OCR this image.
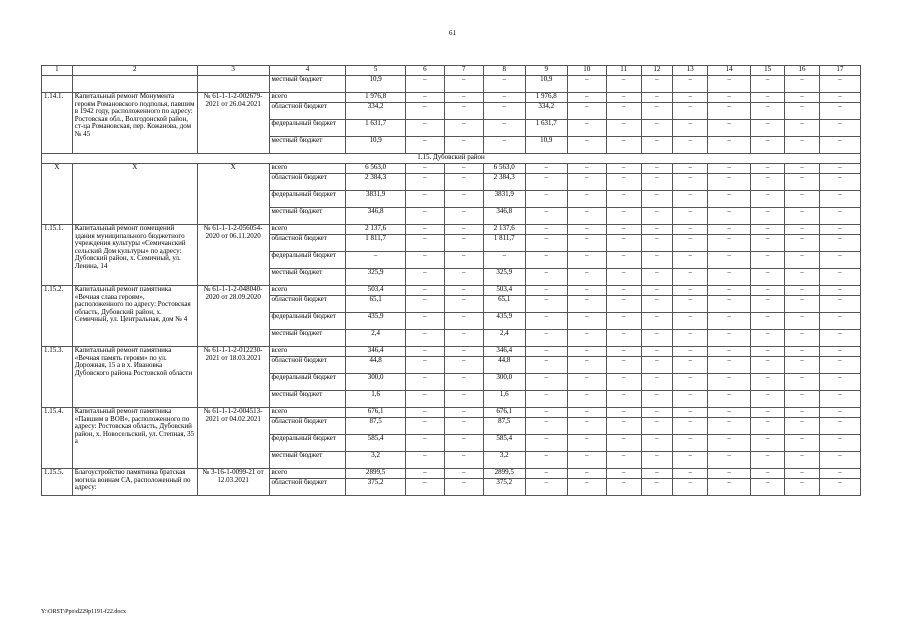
61
1	2	3	4	5	6	7	8	9	10	11	12	13	14	15	16	17
			местный бюджет	10,9	–	–	–	10,9	–	–	–	–	–	–	–	–
1.14.1.	Капитальный ремонт Монумента героям Романовского подполья, павшим в 1942 году, расположенного по адресу: Ростовская обл., Волгодонской район, ст-ца Романовская, пер. Кожанова, дом № 45	№ 61-1-1-2-002679-2021 от 26.04.2021	всего	1 976,8	–	–	–	1 976,8	–	–	–	–	–	–	–	–
			областной бюджет	334,2	–	–	–	334,2	–	–	–	–	–	–	–	–
			федеральный бюджет	1 631,7	–	–	–	1 631,7	–	–	–	–	–	–	–	–
			местный бюджет	10,9	–	–	–	10,9	–	–	–	–	–	–	–	–
1.15. Дубовский район																
X	X	X	всего	6 563,0	–	–	6 563,0	–	–	–	–	–	–	–	–	–
			областной бюджет	2 384,3	–	–	2 384,3	–	–	–	–	–	–	–	–	–
			федеральный бюджет	3831,9	–	–	3831,9	–	–	–	–	–	–	–	–	–
			местный бюджет	346,8	–	–	346,8	–	–	–	–	–	–	–	–	–
1.15.1.	Капитальный ремонт помещений здания муниципального бюджетного учреждения культуры «Семичанский сельский Дом культуры» по адресу: Дубовский район, х. Семичный, ул. Ленина, 14	№ 61-1-1-2-056054-2020 от 06.11.2020	всего	2 137,6	–	–	2 137,6	–	–	–	–	–	–	–	–	–
			областной бюджет	1 811,7	–	–	1 811,7	–	–	–	–	–	–	–	–	–
			федеральный бюджет	–	–	–	–	–	–	–	–	–	–	–	–	–
			местный бюджет	325,9	–	–	325,9	–	–	–	–	–	–	–	–	–
1.15.2.	Капитальный ремонт памятника «Вечная слава героям», расположенного по адресу: Ростовская область, Дубовский район, х. Семичный, ул. Центральная, дом № 4	№ 61-1-1-2-048040-2020 от 28.09.2020	всего	503,4	–	–	503,4	–	–	–	–	–	–	–	–	–
			областной бюджет	65,1	–	–	65,1	–	–	–	–	–	–	–	–	–
			федеральный бюджет	435,9	–	–	435,9	–	–	–	–	–	–	–	–	–
			местный бюджет	2,4	–	–	2,4	–	–	–	–	–	–	–	–	–
1.15.3.	Капитальный ремонт памятника «Вечная память героям» по ул. Дорожная, 15 а в х. Ивановка Дубовского района Ростовской области	№ 61-1-1-2-012230-2021 от 18.03.2021	всего	346,4	–	–	346,4	–	–	–	–	–	–	–	–	–
			областной бюджет	44,8	–	–	44,8	–	–	–	–	–	–	–	–	–
			федеральный бюджет	300,0	–	–	300,0	–	–	–	–	–	–	–	–	–
			местный бюджет	1,6	–	–	1,6	–	–	–	–	–	–	–	–	–
1.15.4.	Капитальный ремонт памятника «Павшим в ВОВ», расположенного по адресу: Ростовская область, Дубовский район, х. Новосельский, ул. Степная, 35 а	№ 61-1-1-2-004513-2021 от 04.02.2021	всего	676,1	–	–	676,1	–	–	–	–	–	–	–	–	–
			областной бюджет	87,5	–	–	87,5	–	–	–	–	–	–	–	–	–
			федеральный бюджет	585,4	–	–	585,4	–	–	–	–	–	–	–	–	–
			местный бюджет	3,2	–	–	3,2	–	–	–	–	–	–	–	–	–
1.15.5.	Благоустройство памятника братская могила воинам СА, расположенный по адресу:	№ 3-16-1-0099-21 от 12.03.2021	всего	2899,5	–	–	2899,5	–	–	–	–	–	–	–	–	–
			областной бюджет	375,2	–	–	375,2	–	–	–	–	–	–	–	–	–
Y:\ORST\Ppo\d229p1191-f22.docx
